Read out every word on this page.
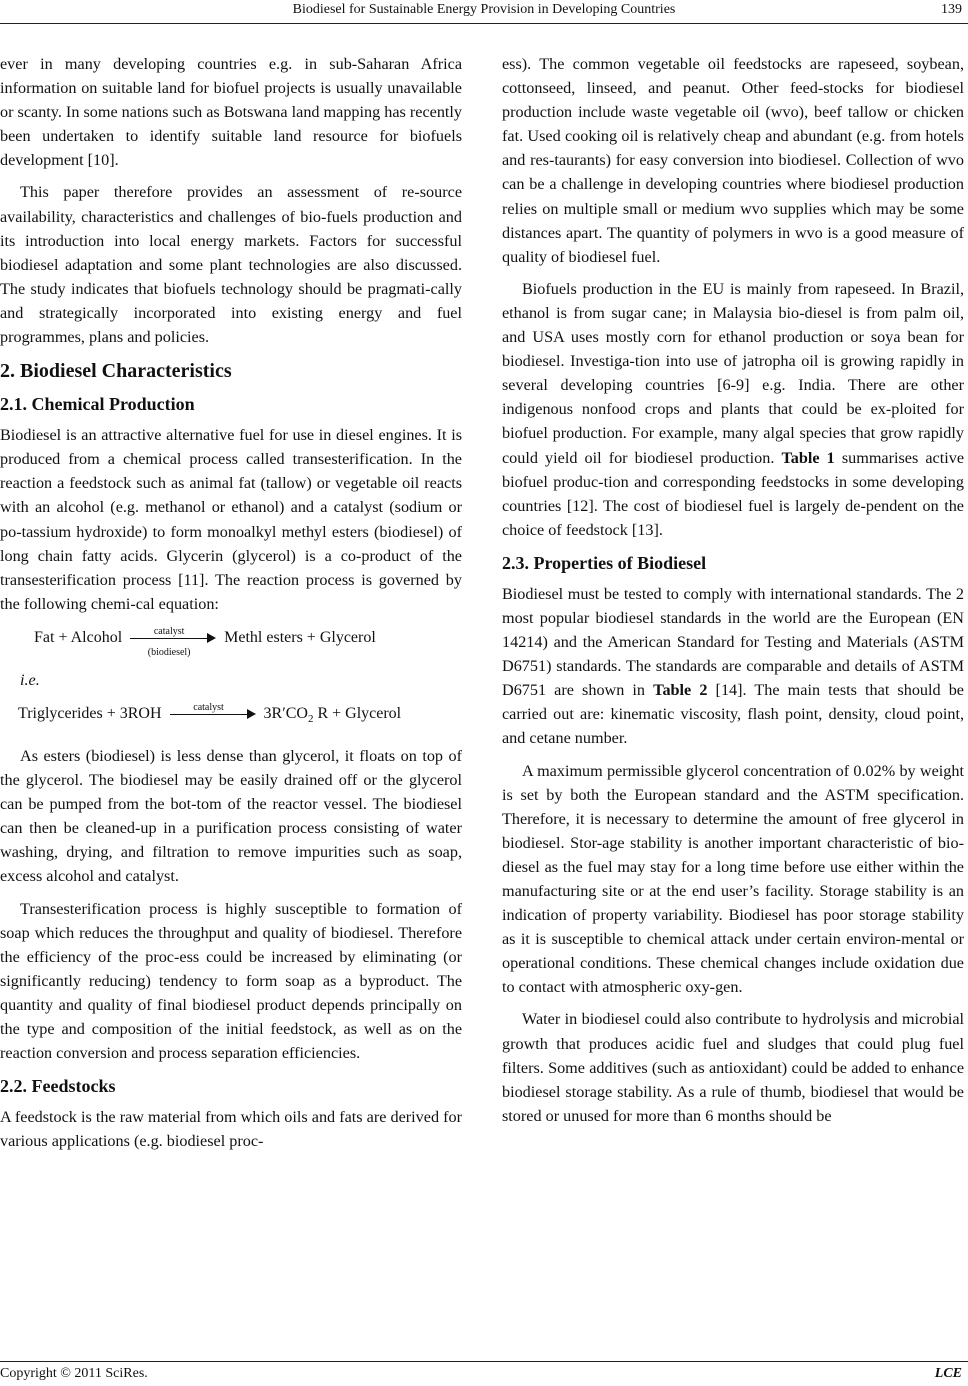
Biodiesel for Sustainable Energy Provision in Developing Countries	139

ever in many developing countries e.g. in sub-Saharan Africa information on suitable land for biofuel projects is usually unavailable or scanty. In some nations such as Botswana land mapping has recently been undertaken to identify suitable land resource for biofuels development [10].

This paper therefore provides an assessment of re-source availability, characteristics and challenges of bio-fuels production and its introduction into local energy markets. Factors for successful biodiesel adaptation and some plant technologies are also discussed. The study indicates that biofuels technology should be pragmati-cally and strategically incorporated into existing energy and fuel programmes, plans and policies.

2. Biodiesel Characteristics
2.1. Chemical Production

Biodiesel is an attractive alternative fuel for use in diesel engines. It is produced from a chemical process called transesterification. In the reaction a feedstock such as animal fat (tallow) or vegetable oil reacts with an alcohol (e.g. methanol or ethanol) and a catalyst (sodium or po-tassium hydroxide) to form monoalkyl methyl esters (biodiesel) of long chain fatty acids. Glycerin (glycerol) is a co-product of the transesterification process [11]. The reaction process is governed by the following chemi-cal equation:

Fat + Alcohol	catalyst
(biodiesel)
Methl esters + Glycerol

i.e.

Triglycerides + 3ROH	catalyst	$3R'CO_2$ R + Glycerol

As esters (biodiesel) is less dense than glycerol, it floats on top of the glycerol. The biodiesel may be easily drained off or the glycerol can be pumped from the bot-tom of the reactor vessel. The biodiesel can then be cleaned-up in a purification process consisting of water washing, drying, and filtration to remove impurities such as soap, excess alcohol and catalyst.

Transesterification process is highly susceptible to formation of soap which reduces the throughput and quality of biodiesel. Therefore the efficiency of the proc-ess could be increased by eliminating (or significantly reducing) tendency to form soap as a byproduct. The quantity and quality of final biodiesel product depends principally on the type and composition of the initial feedstock, as well as on the reaction conversion and process separation efficiencies.

2.2. Feedstocks

A feedstock is the raw material from which oils and fats are derived for various applications (e.g. biodiesel proc-

ess). The common vegetable oil feedstocks are rapeseed, soybean, cottonseed, linseed, and peanut. Other feed-stocks for biodiesel production include waste vegetable oil (wvo), beef tallow or chicken fat. Used cooking oil is relatively cheap and abundant (e.g. from hotels and res-taurants) for easy conversion into biodiesel. Collection of wvo can be a challenge in developing countries where biodiesel production relies on multiple small or medium wvo supplies which may be some distances apart. The quantity of polymers in wvo is a good measure of quality of biodiesel fuel.

Biofuels production in the EU is mainly from rapeseed. In Brazil, ethanol is from sugar cane; in Malaysia bio-diesel is from palm oil, and USA uses mostly corn for ethanol production or soya bean for biodiesel. Investiga-tion into use of jatropha oil is growing rapidly in several developing countries [6-9] e.g. India. There are other indigenous nonfood crops and plants that could be ex-ploited for biofuel production. For example, many algal species that grow rapidly could yield oil for biodiesel production. Table 1 summarises active biofuel produc-tion and corresponding feedstocks in some developing countries [12]. The cost of biodiesel fuel is largely de-pendent on the choice of feedstock [13].

2.3. Properties of Biodiesel

Biodiesel must be tested to comply with international standards. The 2 most popular biodiesel standards in the world are the European (EN 14214) and the American Standard for Testing and Materials (ASTM D6751) standards. The standards are comparable and details of ASTM D6751 are shown in Table 2 [14]. The main tests that should be carried out are: kinematic viscosity, flash point, density, cloud point, and cetane number.

A maximum permissible glycerol concentration of 0.02% by weight is set by both the European standard and the ASTM specification. Therefore, it is necessary to determine the amount of free glycerol in biodiesel. Stor-age stability is another important characteristic of bio-diesel as the fuel may stay for a long time before use either within the manufacturing site or at the end user’s facility. Storage stability is an indication of property variability. Biodiesel has poor storage stability as it is susceptible to chemical attack under certain environ-mental or operational conditions. These chemical changes include oxidation due to contact with atmospheric oxy-gen.

Water in biodiesel could also contribute to hydrolysis and microbial growth that produces acidic fuel and sludges that could plug fuel filters. Some additives (such as antioxidant) could be added to enhance biodiesel storage stability. As a rule of thumb, biodiesel that would be stored or unused for more than 6 months should be

Copyright © 2011 SciRes.	LCE
